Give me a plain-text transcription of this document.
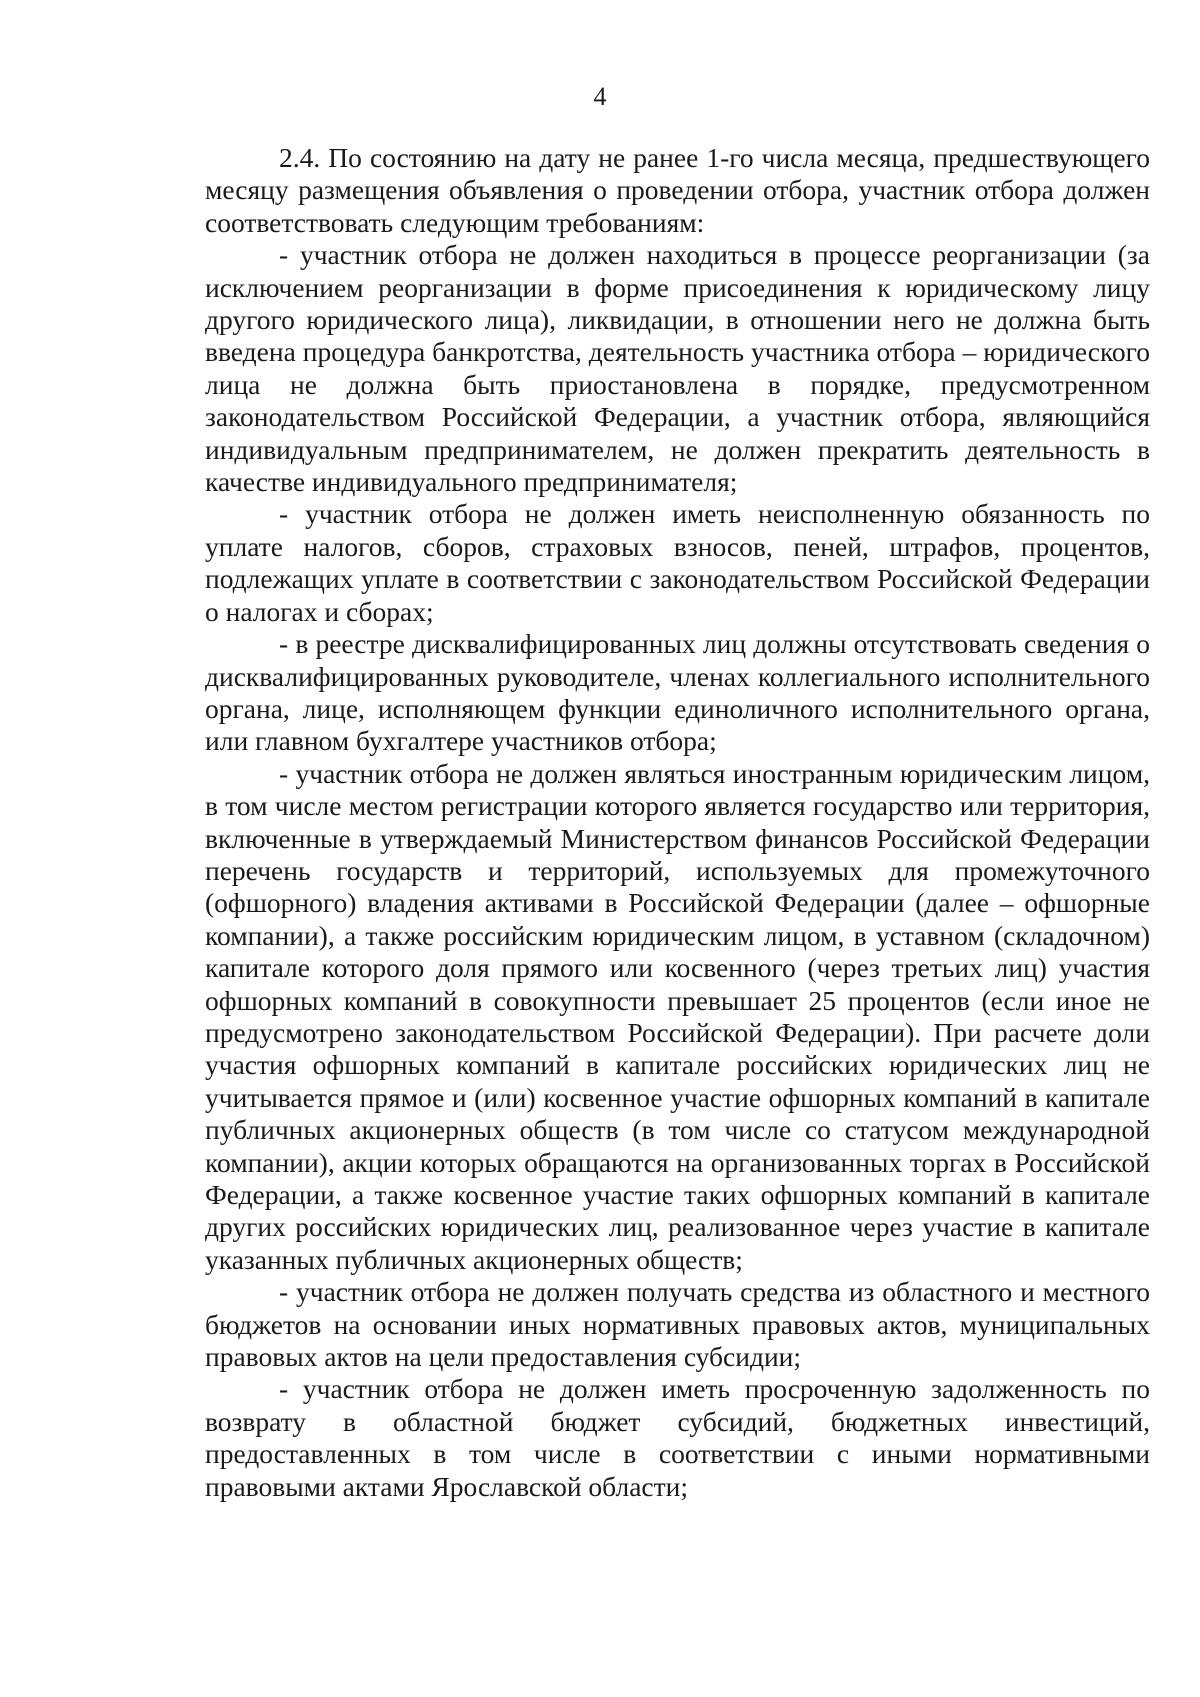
4

2.4. По состоянию на дату не ранее 1-го числа месяца, предшествующего месяцу размещения объявления о проведении отбора, участник отбора должен соответствовать следующим требованиям:

- участник отбора не должен находиться в процессе реорганизации (за исключением реорганизации в форме присоединения к юридическому лицу другого юридического лица), ликвидации, в отношении него не должна быть введена процедура банкротства, деятельность участника отбора – юридического лица не должна быть приостановлена в порядке, предусмотренном законодательством Российской Федерации, а участник отбора, являющийся индивидуальным предпринимателем, не должен прекратить деятельность в качестве индивидуального предпринимателя;

- участник отбора не должен иметь неисполненную обязанность по уплате налогов, сборов, страховых взносов, пеней, штрафов, процентов, подлежащих уплате в соответствии с законодательством Российской Федерации о налогах и сборах;

- в реестре дисквалифицированных лиц должны отсутствовать сведения о дисквалифицированных руководителе, членах коллегиального исполнительного органа, лице, исполняющем функции единоличного исполнительного органа, или главном бухгалтере участников отбора;

- участник отбора не должен являться иностранным юридическим лицом, в том числе местом регистрации которого является государство или территория, включенные в утверждаемый Министерством финансов Российской Федерации перечень государств и территорий, используемых для промежуточного (офшорного) владения активами в Российской Федерации (далее – офшорные компании), а также российским юридическим лицом, в уставном (складочном) капитале которого доля прямого или косвенного (через третьих лиц) участия офшорных компаний в совокупности превышает 25 процентов (если иное не предусмотрено законодательством Российской Федерации). При расчете доли участия офшорных компаний в капитале российских юридических лиц не учитывается прямое и (или) косвенное участие офшорных компаний в капитале публичных акционерных обществ (в том числе со статусом международной компании), акции которых обращаются на организованных торгах в Российской Федерации, а также косвенное участие таких офшорных компаний в капитале других российских юридических лиц, реализованное через участие в капитале указанных публичных акционерных обществ;

- участник отбора не должен получать средства из областного и местного бюджетов на основании иных нормативных правовых актов, муниципальных правовых актов на цели предоставления субсидии;

- участник отбора не должен иметь просроченную задолженность по возврату в областной бюджет субсидий, бюджетных инвестиций, предоставленных в том числе в соответствии с иными нормативными правовыми актами Ярославской области;
